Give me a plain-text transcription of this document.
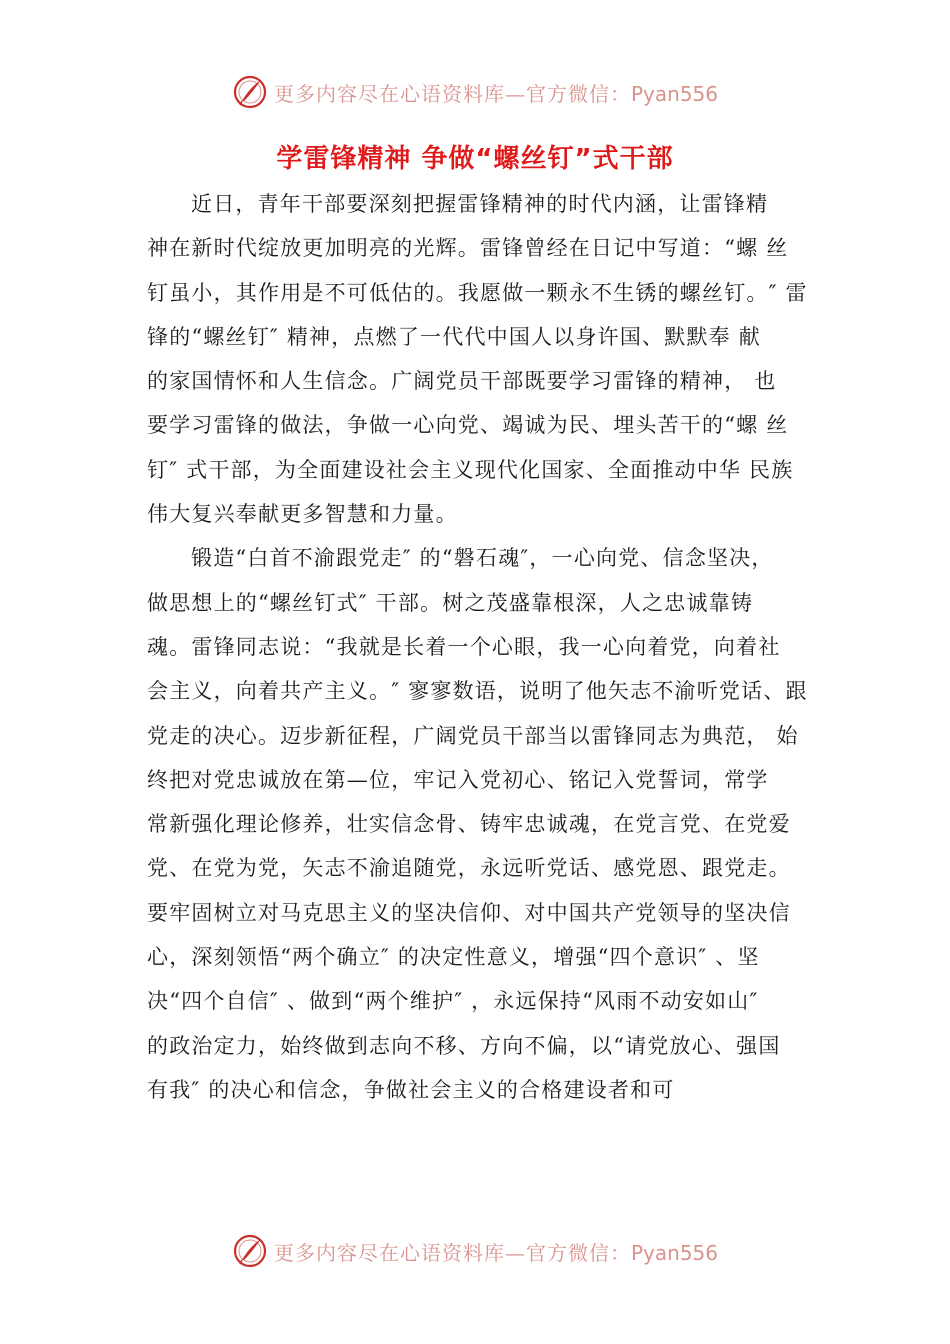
更多内容尽在心语资料库—官方微信：Pyan556
学雷锋精神 争做“螺丝钉”式干部
近日，青年干部要深刻把握雷锋精神的时代内涵，让雷锋精
神在新时代绽放更加明亮的光辉。雷锋曾经在日记中写道：“螺 丝
钉虽小，其作用是不可低估的。我愿做一颗永不生锈的螺丝钉。″ 雷
锋的“螺丝钉″ 精神，点燃了一代代中国人以身许国、默默奉 献
的家国情怀和人生信念。广阔党员干部既要学习雷锋的精神， 也
要学习雷锋的做法，争做一心向党、竭诚为民、埋头苦干的“螺 丝
钉″ 式干部，为全面建设社会主义现代化国家、全面推动中华 民族
伟大复兴奉献更多智慧和力量。
锻造“白首不渝跟党走″ 的“磐石魂″，一心向党、信念坚决，
做思想上的“螺丝钉式″ 干部。树之茂盛靠根深，人之忠诚靠铸
魂。雷锋同志说：“我就是长着一个心眼，我一心向着党，向着社
会主义，向着共产主义。″ 寥寥数语，说明了他矢志不渝听党话、跟
党走的决心。迈步新征程，广阔党员干部当以雷锋同志为典范， 始
终把对党忠诚放在第—位，牢记入党初心、铭记入党誓词，常学
常新强化理论修养，壮实信念骨、铸牢忠诚魂，在党言党、在党爱
党、在党为党，矢志不渝追随党，永远听党话、感党恩、跟党走。
要牢固树立对马克思主义的坚决信仰、对中国共产党领导的坚决信
心，深刻领悟“两个确立″ 的决定性意义，增强“四个意识″ 、坚
决“四个自信″ 、做到“两个维护″ ，永远保持“风雨不动安如山″
的政治定力，始终做到志向不移、方向不偏，以“请党放心、强国
有我″ 的决心和信念，争做社会主义的合格建设者和可
更多内容尽在心语资料库—官方微信：Pyan556
